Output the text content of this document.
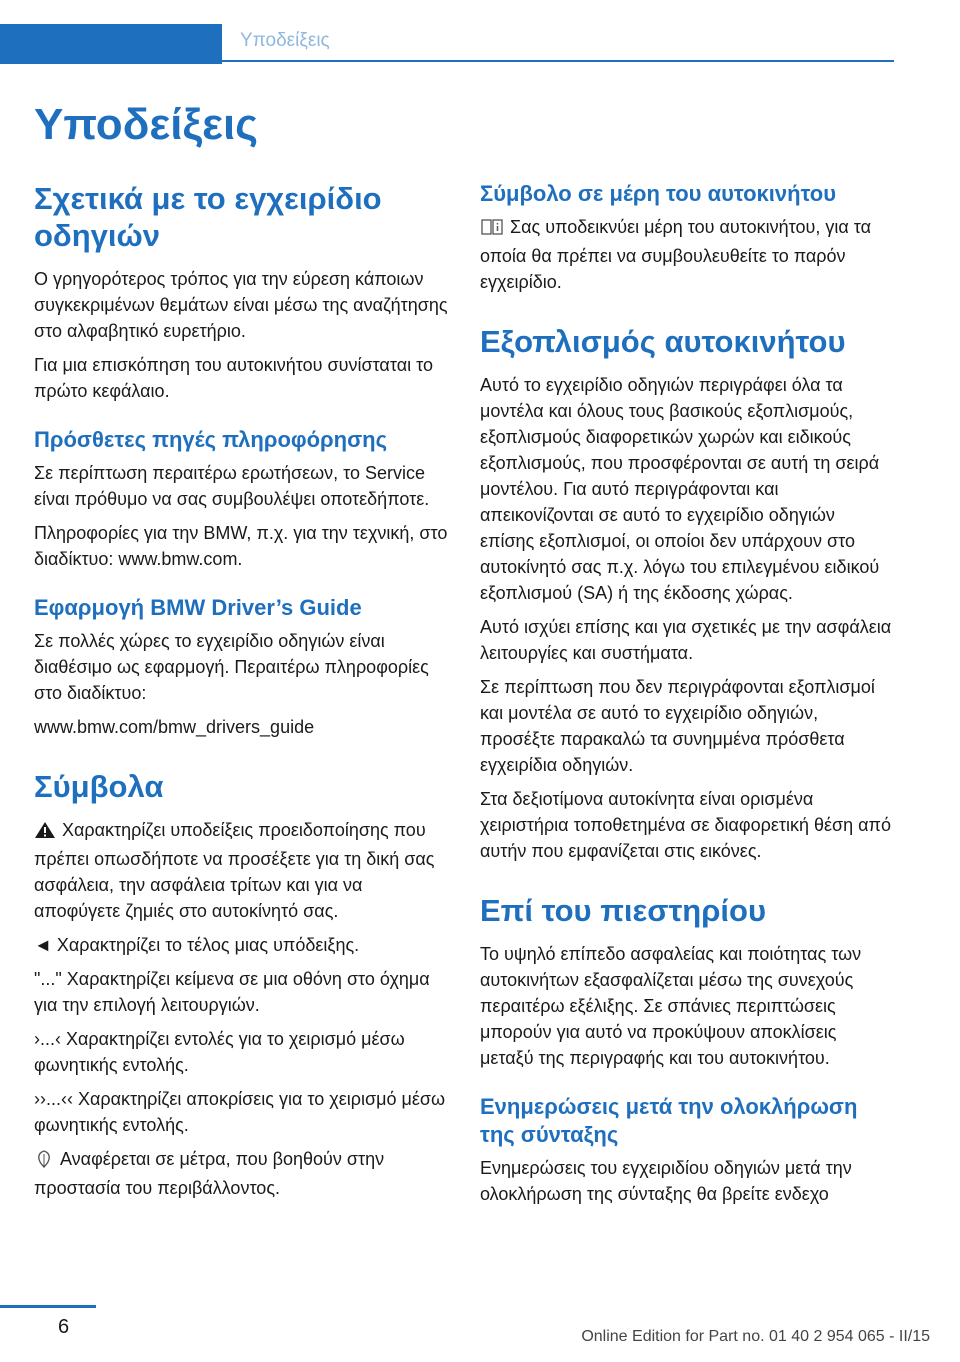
Υποδείξεις
Υποδείξεις
Σχετικά με το εγχειρίδιο οδηγιών

Ο γρηγορότερος τρόπος για την εύρεση κάποιων συγκεκριμένων θεμάτων είναι μέσω της αναζήτησης στο αλφαβητικό ευρετήριο.

Για μια επισκόπηση του αυτοκινήτου συνίσταται το πρώτο κεφάλαιο.

Πρόσθετες πηγές πληροφόρησης

Σε περίπτωση περαιτέρω ερωτήσεων, το Service είναι πρόθυμο να σας συμβουλέψει οποτεδήποτε.

Πληροφορίες για την BMW, π.χ. για την τεχνική, στο διαδίκτυο: www.bmw.com.

Εφαρμογή BMW Driver’s Guide

Σε πολλές χώρες το εγχειρίδιο οδηγιών είναι διαθέσιμο ως εφαρμογή. Περαιτέρω πληροφορίες στο διαδίκτυο:

www.bmw.com/bmw_drivers_guide

Σύμβολα

Χαρακτηρίζει υποδείξεις προειδοποίησης που πρέπει οπωσδήποτε να προσέξετε για τη δική σας ασφάλεια, την ασφάλεια τρίτων και για να αποφύγετε ζημιές στο αυτοκίνητό σας.

◄ Χαρακτηρίζει το τέλος μιας υπόδειξης.

"..." Χαρακτηρίζει κείμενα σε μια οθόνη στο όχημα για την επιλογή λειτουργιών.

›...‹ Χαρακτηρίζει εντολές για το χειρισμό μέσω φωνητικής εντολής.

››...‹‹ Χαρακτηρίζει αποκρίσεις για το χειρισμό μέσω φωνητικής εντολής.

Αναφέρεται σε μέτρα, που βοηθούν στην προστασία του περιβάλλοντος.

Σύμβολο σε μέρη του αυτοκινήτου

Σας υποδεικνύει μέρη του αυτοκινήτου, για τα οποία θα πρέπει να συμβουλευθείτε το παρόν εγχειρίδιο.

Εξοπλισμός αυτοκινήτου

Αυτό το εγχειρίδιο οδηγιών περιγράφει όλα τα μοντέλα και όλους τους βασικούς εξοπλισμούς, εξοπλισμούς διαφορετικών χωρών και ειδικούς εξοπλισμούς, που προσφέρονται σε αυτή τη σειρά μοντέλου. Για αυτό περιγράφονται και απεικονίζονται σε αυτό το εγχειρίδιο οδηγιών επίσης εξοπλισμοί, οι οποίοι δεν υπάρχουν στο αυτοκίνητό σας π.χ. λόγω του επιλεγμένου ειδικού εξοπλισμού (SA) ή της έκδοσης χώρας.

Αυτό ισχύει επίσης και για σχετικές με την ασφάλεια λειτουργίες και συστήματα.

Σε περίπτωση που δεν περιγράφονται εξοπλισμοί και μοντέλα σε αυτό το εγχειρίδιο οδηγιών, προσέξτε παρακαλώ τα συνημμένα πρόσθετα εγχειρίδια οδηγιών.

Στα δεξιοτίμονα αυτοκίνητα είναι ορισμένα χειριστήρια τοποθετημένα σε διαφορετική θέση από αυτήν που εμφανίζεται στις εικόνες.

Επί του πιεστηρίου

Το υψηλό επίπεδο ασφαλείας και ποιότητας των αυτοκινήτων εξασφαλίζεται μέσω της συνεχούς περαιτέρω εξέλιξης. Σε σπάνιες περιπτώσεις μπορούν για αυτό να προκύψουν αποκλίσεις μεταξύ της περιγραφής και του αυτοκινήτου.

Ενημερώσεις μετά την ολοκλήρωση της σύνταξης

Ενημερώσεις του εγχειριδίου οδηγιών μετά την ολοκλήρωση της σύνταξης θα βρείτε ενδεχο

6	Online Edition for Part no. 01 40 2 954 065 - II/15
